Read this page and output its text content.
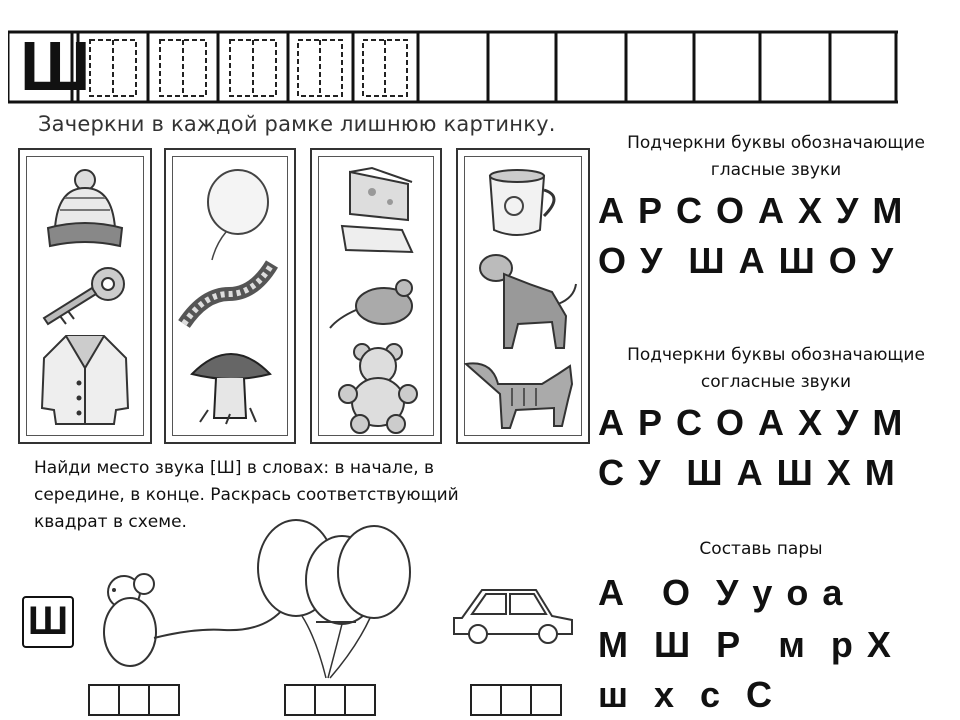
Ш
Зачеркни в каждой рамке лишнюю картинку.
Подчеркни буквы обозначающие
гласные звуки
А Р С О А Х У М
О У  Ш А Ш О У
Подчеркни буквы обозначающие
согласные звуки
А Р С О А Х У М
С У  Ш А Ш Х М
Составь пары
А   О  У у о а
М  Ш  Р   м  р Х
ш  х  с  С
Найди место звука [Ш] в словах: в начале, в середине, в конце. Раскрась соответствующий квадрат в схеме.
Ш
